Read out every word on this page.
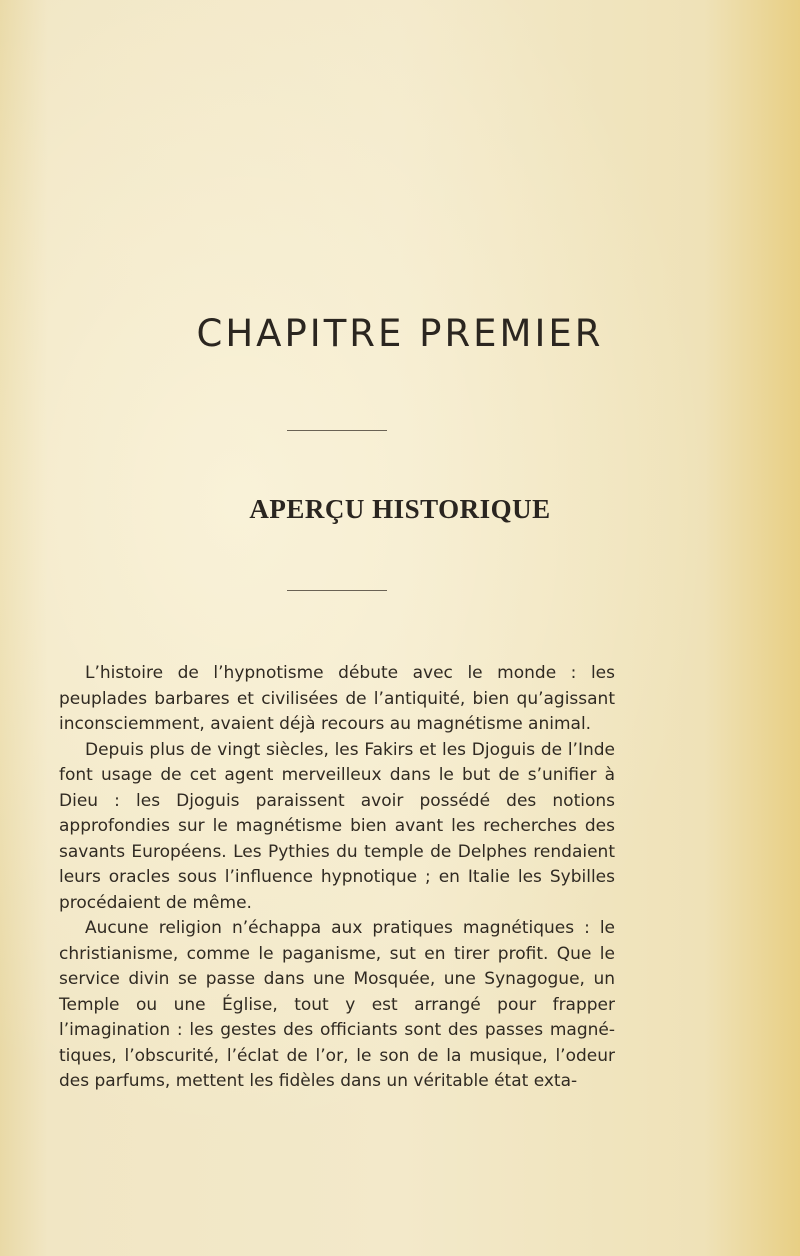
CHAPITRE PREMIER
APERÇU HISTORIQUE

L’histoire de l’hypnotisme débute avec le monde : les peuplades barbares et civilisées de l’antiquité, bien qu’agissant inconsciemment, avaient déjà recours au magnétisme animal.

Depuis plus de vingt siècles, les Fakirs et les Djoguis de l’Inde font usage de cet agent merveilleux dans le but de s’unifier à Dieu : les Djoguis paraissent avoir possédé des notions approfondies sur le magnétisme bien avant les recherches des savants Européens. Les Pythies du temple de Delphes rendaient leurs oracles sous l’influence hypnotique ; en Italie les Sybilles procédaient de même.

Aucune religion n’échappa aux pratiques magnétiques : le christianisme, comme le paganisme, sut en tirer profit. Que le service divin se passe dans une Mosquée, une Synagogue, un Temple ou une Église, tout y est arrangé pour frapper l’imagination : les gestes des officiants sont des passes magné-tiques, l’obscurité, l’éclat de l’or, le son de la musique, l’odeur des parfums, mettent les fidèles dans un véritable état exta-
